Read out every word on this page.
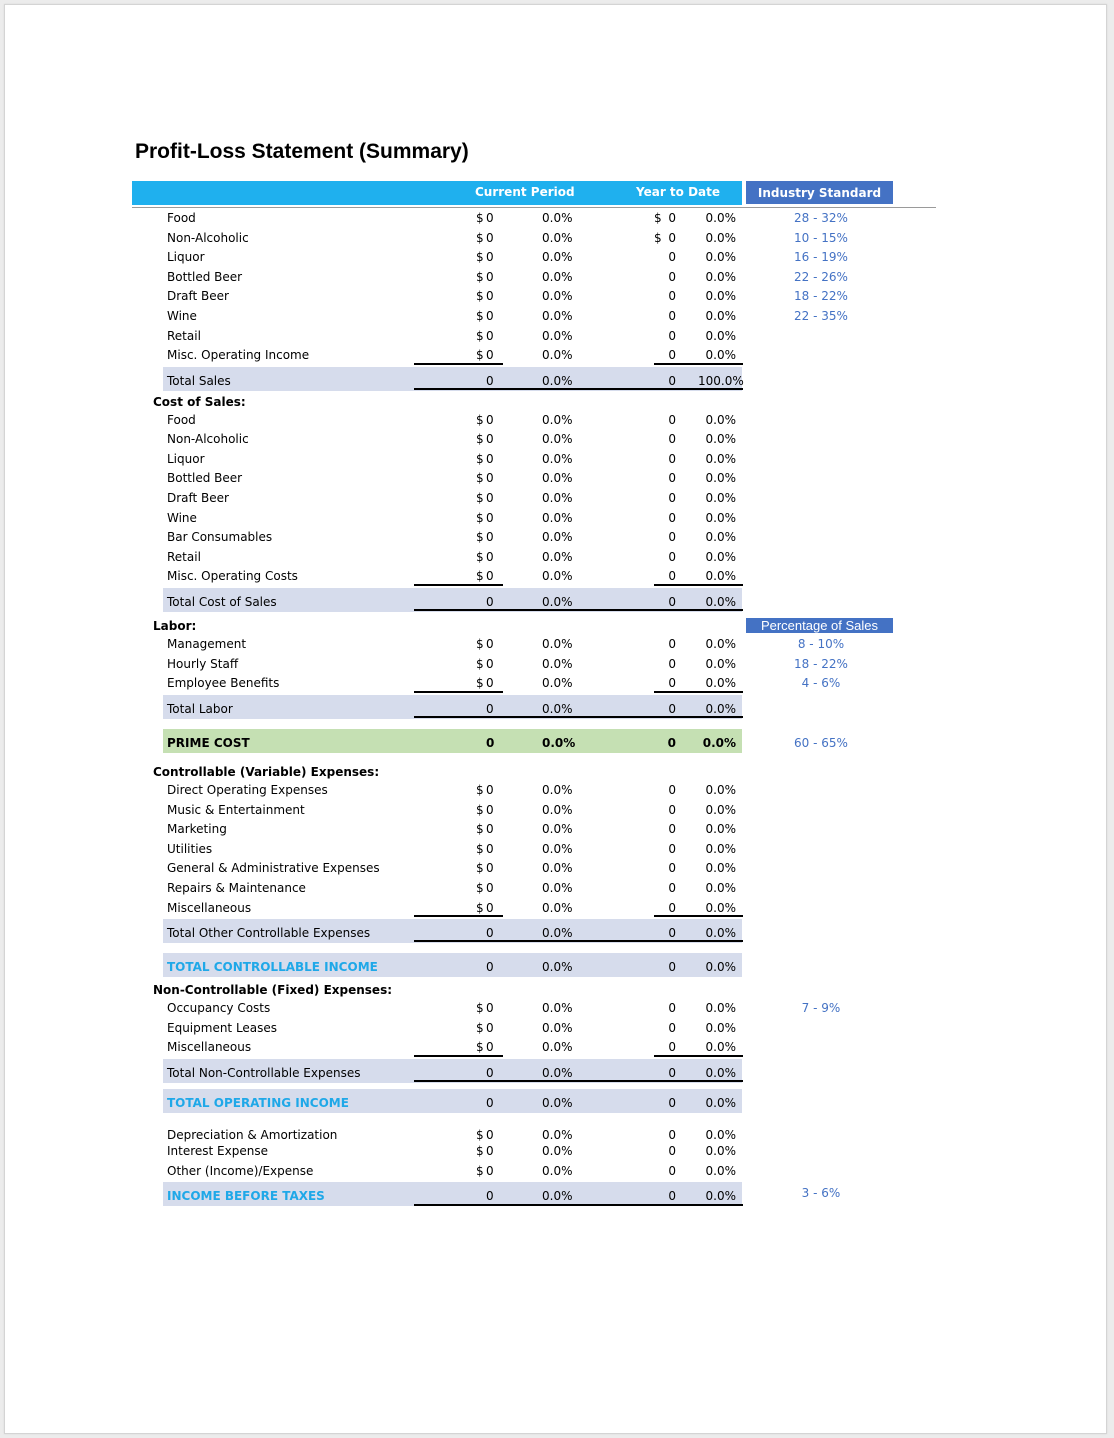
Profit-Loss Statement (Summary)
Current Period	Year to Date	Industry Standard
Percentage of Sales
Food	$ 0	0.0%	$ 0	0.0%	28 - 32%
Non-Alcoholic	$ 0	0.0%	$ 0	0.0%	10 - 15%
Liquor	$ 0	0.0%	0	0.0%	16 - 19%
Bottled Beer	$ 0	0.0%	0	0.0%	22 - 26%
Draft Beer	$ 0	0.0%	0	0.0%	18 - 22%
Wine	$ 0	0.0%	0	0.0%	22 - 35%
Retail	$ 0	0.0%	0	0.0%
Misc. Operating Income	$ 0	0.0%	0	0.0%
Total Sales	0	0.0%	0 100.0%
Cost of Sales:
Food	$ 0	0.0%	0	0.0%
Non-Alcoholic	$ 0	0.0%	0	0.0%
Liquor	$ 0	0.0%	0	0.0%
Bottled Beer	$ 0	0.0%	0	0.0%
Draft Beer	$ 0	0.0%	0	0.0%
Wine	$ 0	0.0%	0	0.0%
Bar Consumables	$ 0	0.0%	0	0.0%
Retail	$ 0	0.0%	0	0.0%
Misc. Operating Costs	$ 0	0.0%	0	0.0%
Total Cost of Sales	0	0.0%	0	0.0%
Labor:
Management	$ 0	0.0%	0	0.0%	8 - 10%
Hourly Staff	$ 0	0.0%	0	0.0%	18 - 22%
Employee Benefits	$ 0	0.0%	0	0.0%	4 - 6%
Total Labor	0	0.0%	0	0.0%
PRIME COST	0	0.0%	0	0.0%	60 - 65%
Controllable (Variable) Expenses:
Direct Operating Expenses	$ 0	0.0%	0	0.0%
Music & Entertainment	$ 0	0.0%	0	0.0%
Marketing	$ 0	0.0%	0	0.0%
Utilities	$ 0	0.0%	0	0.0%
General & Administrative Expenses	$ 0	0.0%	0	0.0%
Repairs & Maintenance	$ 0	0.0%	0	0.0%
Miscellaneous	$ 0	0.0%	0	0.0%
Total Other Controllable Expenses	0	0.0%	0	0.0%
TOTAL CONTROLLABLE INCOME	0	0.0%	0	0.0%
Non-Controllable (Fixed) Expenses:
Occupancy Costs	$ 0	0.0%	0	0.0%	7 - 9%
Equipment Leases	$ 0	0.0%	0	0.0%
Miscellaneous	$ 0	0.0%	0	0.0%
Total Non-Controllable Expenses	0	0.0%	0	0.0%
TOTAL OPERATING INCOME	0	0.0%	0	0.0%
Depreciation & Amortization	$ 0	0.0%	0	0.0%
Interest Expense	$ 0	0.0%	0	0.0%
Other (Income)/Expense	$ 0	0.0%	0	0.0%
INCOME BEFORE TAXES	0	0.0%	0	0.0%	3 - 6%
